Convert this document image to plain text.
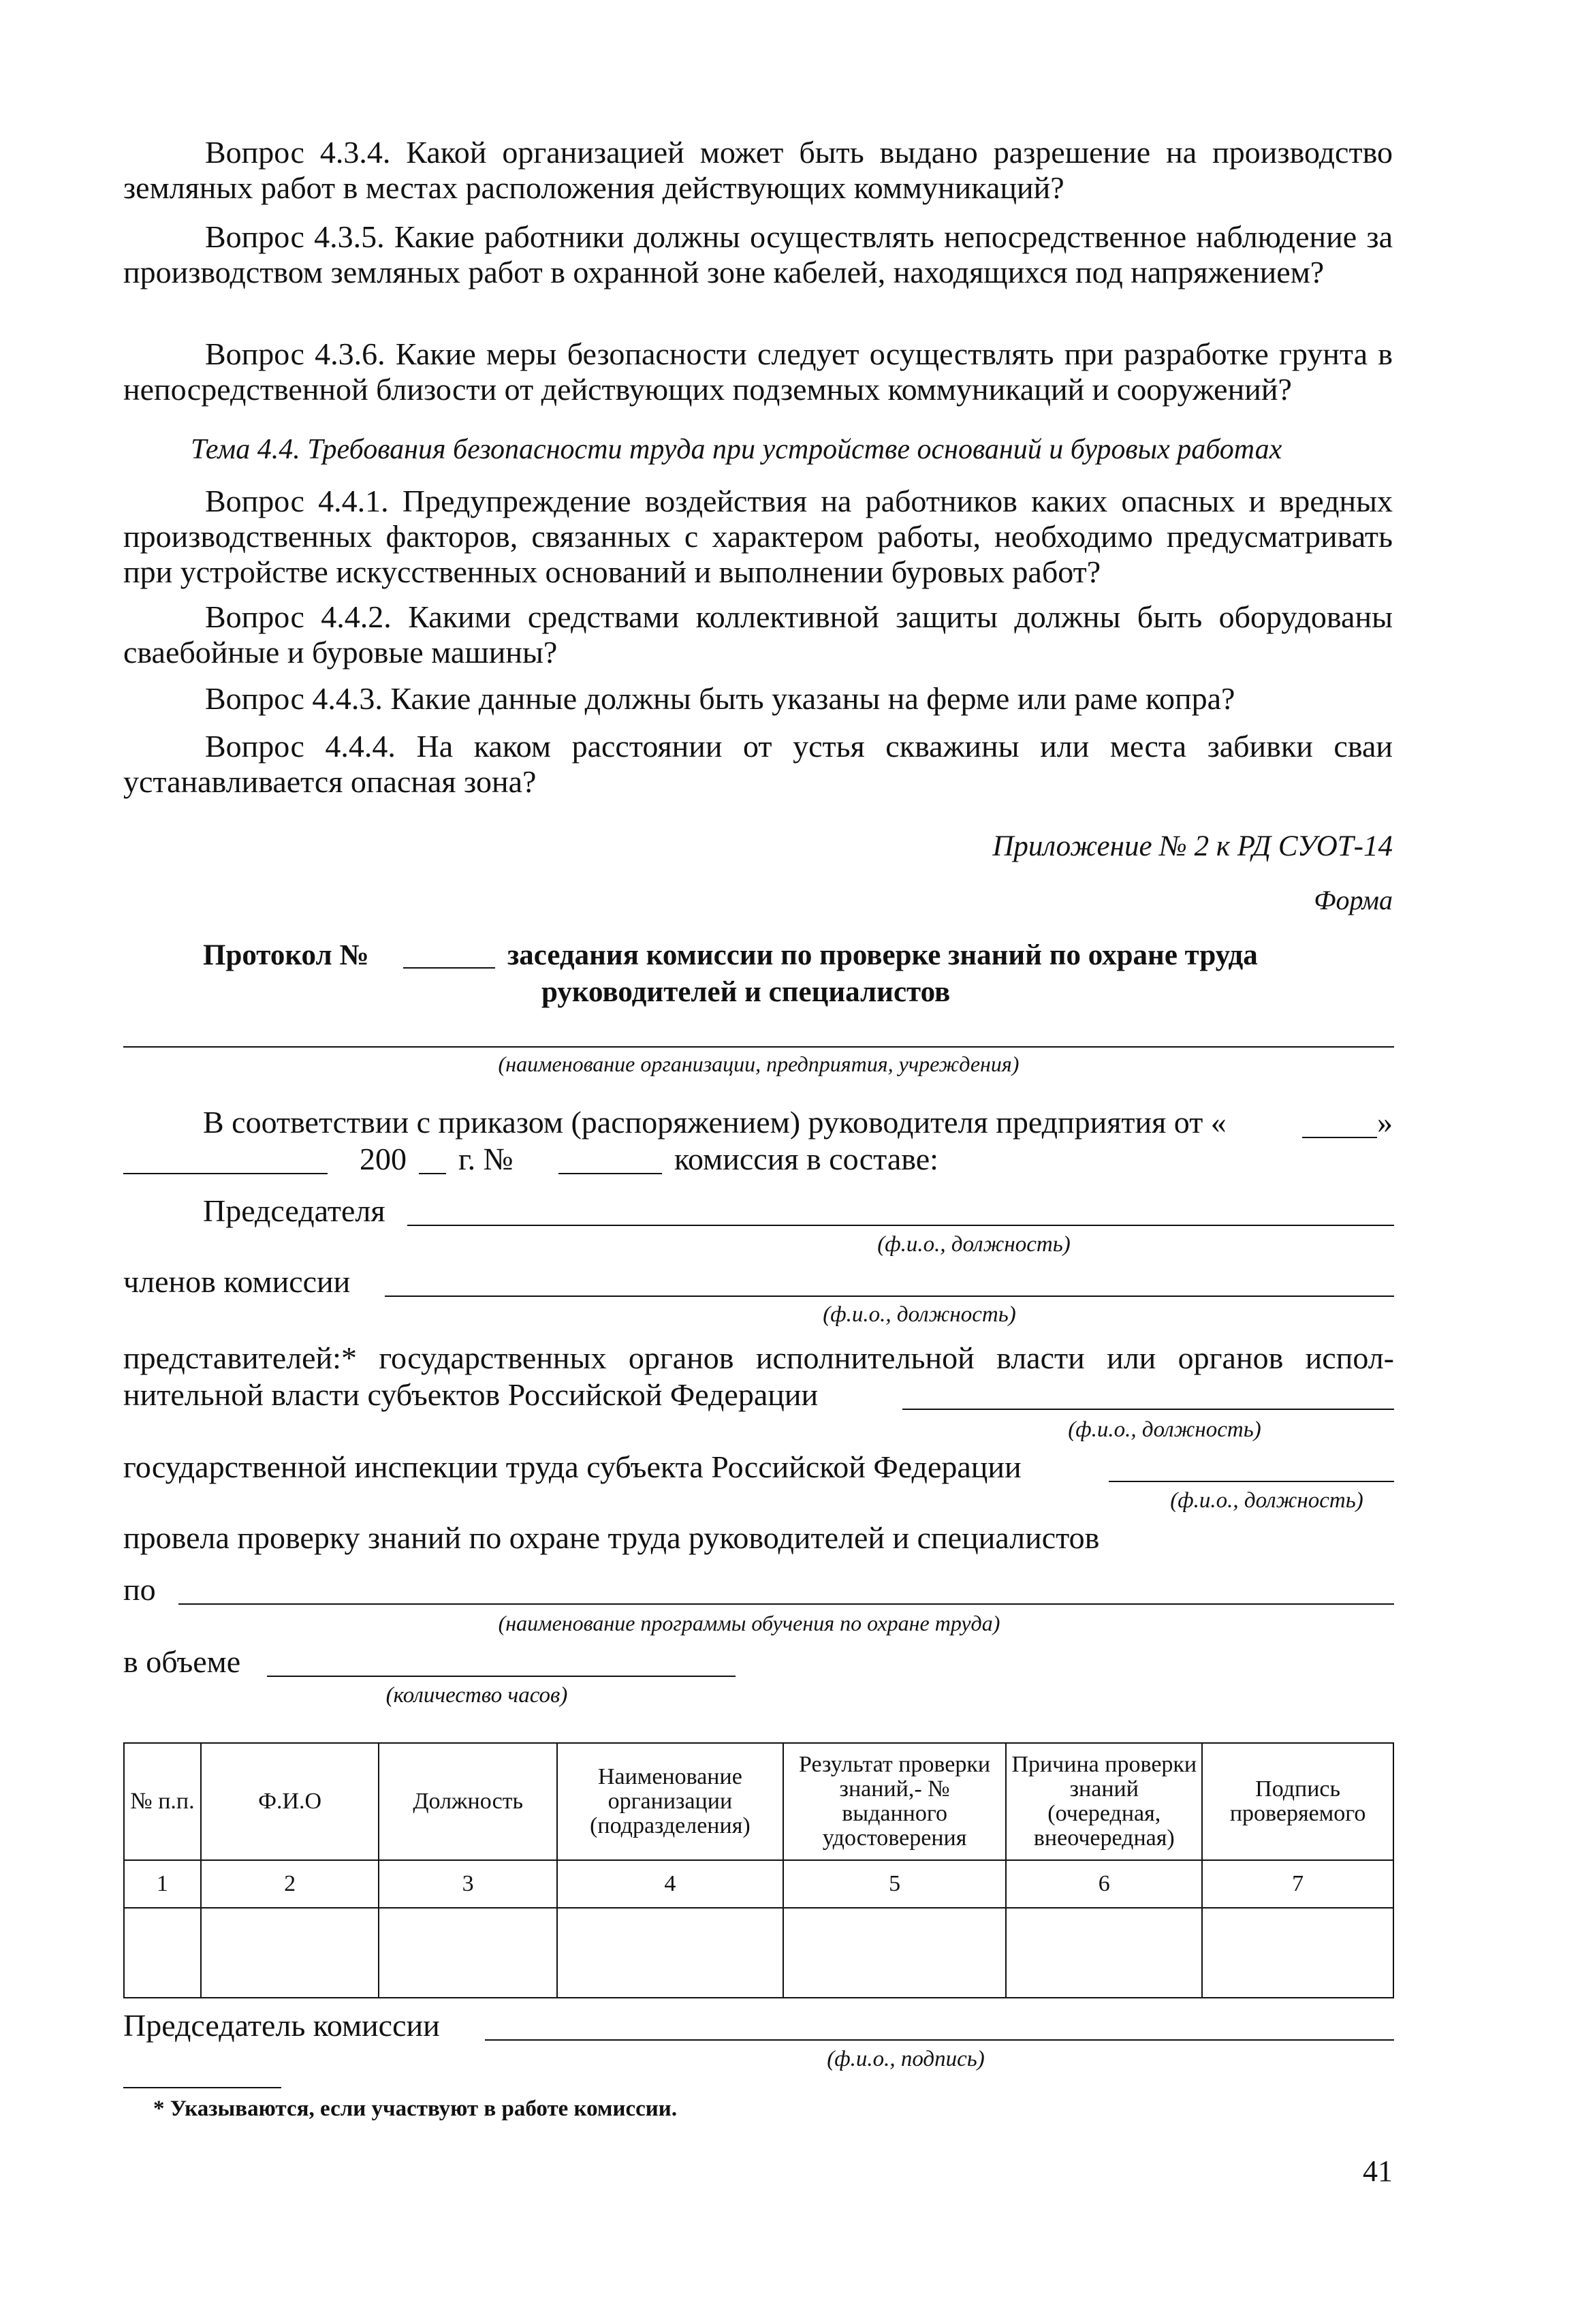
Вопрос 4.3.4. Какой организацией может быть выдано разрешение на производство земляных работ в местах расположения действующих коммуникаций?

Вопрос 4.3.5. Какие работники должны осуществлять непосредственное наблюдение за производством земляных работ в охранной зоне кабелей, находящихся под напряжением?

Вопрос 4.3.6. Какие меры безопасности следует осуществлять при разработке грунта в непосредственной близости от действующих подземных коммуникаций и сооружений?

Тема 4.4. Требования безопасности труда при устройстве оснований и буровых работах

Вопрос 4.4.1. Предупреждение воздействия на работников каких опасных и вредных производственных факторов, связанных с характером работы, необходимо предусматривать при устройстве искусственных оснований и выполнении буровых работ?

Вопрос 4.4.2. Какими средствами коллективной защиты должны быть оборудованы сваебойные и буровые машины?

Вопрос 4.4.3. Какие данные должны быть указаны на ферме или раме копра?

Вопрос 4.4.4. На каком расстоянии от устья скважины или места забивки сваи устанавливается опасная зона?

Приложение № 2 к РД СУОТ-14
Форма
Протокол №	заседания комиссии по проверке знаний по охране труда
руководителей и специалистов
(наименование организации, предприятия, учреждения)
В соответствии с приказом (распоряжением) руководителя предприятия от «	»
200 г. №	комиссия в составе:
Председателя
(ф.и.о., должность)
членов комиссии
(ф.и.о., должность)
представителей:* государственных органов исполнительной власти или органов испол-
нительной власти субъектов Российской Федерации
(ф.и.о., должность)
государственной инспекции труда субъекта Российской Федерации
(ф.и.о., должность)
провела проверку знаний по охране труда руководителей и специалистов
по
(наименование программы обучения по охране труда)
в объеме
(количество часов)
№ п.п.	Ф.И.О	Должность	Наименование организации (подразделения)	Результат проверки знаний,- № выданного удостоверения	Причина проверки знаний (очередная, внеочередная)	Подпись проверяемого
1	2	3	4	5	6	7

Председатель комиссии
(ф.и.о., подпись)
* Указываются, если участвуют в работе комиссии.
41
